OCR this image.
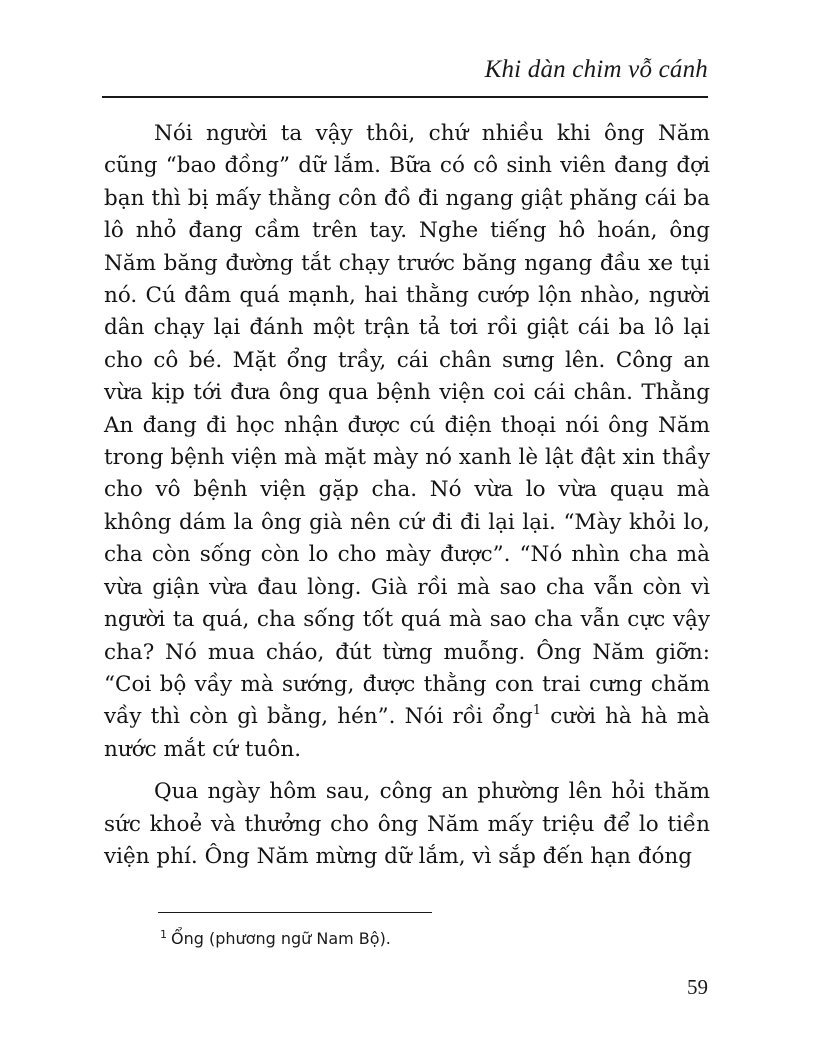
Khi dàn chim vỗ cánh

Nói người ta vậy thôi, chứ nhiều khi ông Năm cũng “bao đồng” dữ lắm. Bữa có cô sinh viên đang đợi bạn thì bị mấy thằng côn đồ đi ngang giật phăng cái ba lô nhỏ đang cầm trên tay. Nghe tiếng hô hoán, ông Năm băng đường tắt chạy trước băng ngang đầu xe tụi nó. Cú đâm quá mạnh, hai thằng cướp lộn nhào, người dân chạy lại đánh một trận tả tơi rồi giật cái ba lô lại cho cô bé. Mặt ổng trầy, cái chân sưng lên. Công an vừa kịp tới đưa ông qua bệnh viện coi cái chân. Thằng An đang đi học nhận được cú điện thoại nói ông Năm trong bệnh viện mà mặt mày nó xanh lè lật đật xin thầy cho vô bệnh viện gặp cha. Nó vừa lo vừa quạu mà không dám la ông già nên cứ đi đi lại lại. “Mày khỏi lo, cha còn sống còn lo cho mày được”. “Nó nhìn cha mà vừa giận vừa đau lòng. Già rồi mà sao cha vẫn còn vì người ta quá, cha sống tốt quá mà sao cha vẫn cực vậy cha? Nó mua cháo, đút từng muỗng. Ông Năm giỡn: “Coi bộ vầy mà sướng, được thằng con trai cưng chăm vầy thì còn gì bằng, hén”. Nói rồi ổng$^1$ cười hà hà mà nước mắt cứ tuôn.

Qua ngày hôm sau, công an phường lên hỏi thăm sức khoẻ và thưởng cho ông Năm mấy triệu để lo tiền viện phí. Ông Năm mừng dữ lắm, vì sắp đến hạn đóng

$^1$ Ổng (phương ngữ Nam Bộ).
59
